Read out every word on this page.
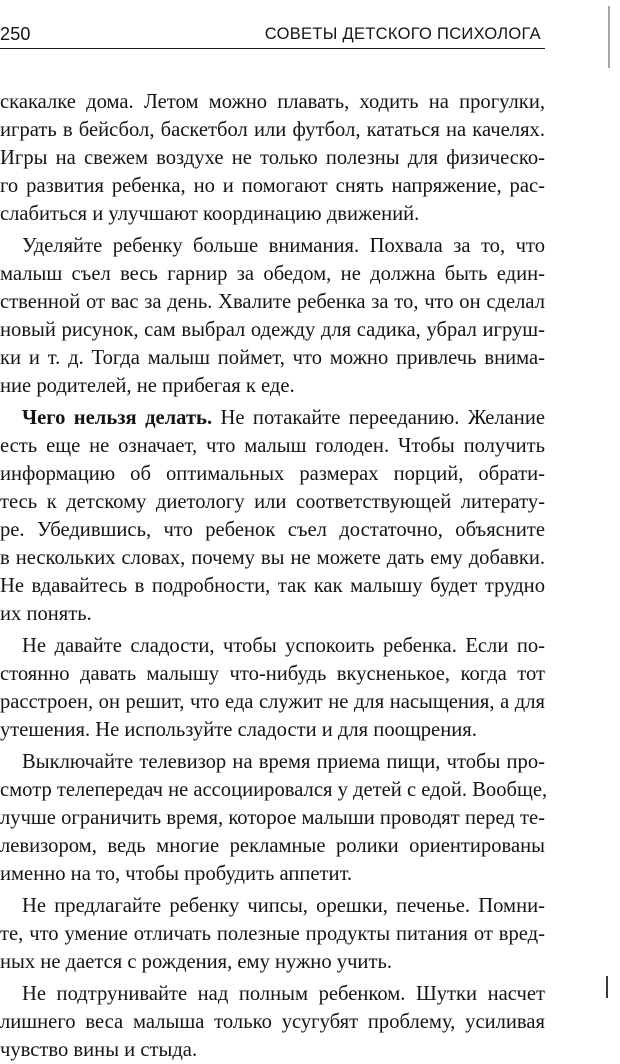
250	СОВЕТЫ ДЕТСКОГО ПСИХОЛОГА
скакалке дома. Летом можно плавать, ходить на прогулки,
играть в бейсбол, баскетбол или футбол, кататься на качелях.
Игры на свежем воздухе не только полезны для физическо-
го развития ребенка, но и помогают снять напряжение, рас-
слабиться и улучшают координацию движений.
Уделяйте ребенку больше внимания. Похвала за то, что
малыш съел весь гарнир за обедом, не должна быть един-
ственной от вас за день. Хвалите ребенка за то, что он сделал
новый рисунок, сам выбрал одежду для садика, убрал игруш-
ки и т. д. Тогда малыш поймет, что можно привлечь внима-
ние родителей, не прибегая к еде.
Чего нельзя делать. Не потакайте перееданию. Желание
есть еще не означает, что малыш голоден. Чтобы получить
информацию об оптимальных размерах порций, обрати-
тесь к детскому диетологу или соответствующей литерату-
ре. Убедившись, что ребенок съел достаточно, объясните
в нескольких словах, почему вы не можете дать ему добавки.
Не вдавайтесь в подробности, так как малышу будет трудно
их понять.
Не давайте сладости, чтобы успокоить ребенка. Если по-
стоянно давать малышу что-нибудь вкусненькое, когда тот
расстроен, он решит, что еда служит не для насыщения, а для
утешения. Не используйте сладости и для поощрения.
Выключайте телевизор на время приема пищи, чтобы про-
смотр телепередач не ассоциировался у детей с едой. Вообще,
лучше ограничить время, которое малыши проводят перед те-
левизором, ведь многие рекламные ролики ориентированы
именно на то, чтобы пробудить аппетит.
Не предлагайте ребенку чипсы, орешки, печенье. Помни-
те, что умение отличать полезные продукты питания от вред-
ных не дается с рождения, ему нужно учить.
Не подтрунивайте над полным ребенком. Шутки насчет
лишнего веса малыша только усугубят проблему, усиливая
чувство вины и стыда.
